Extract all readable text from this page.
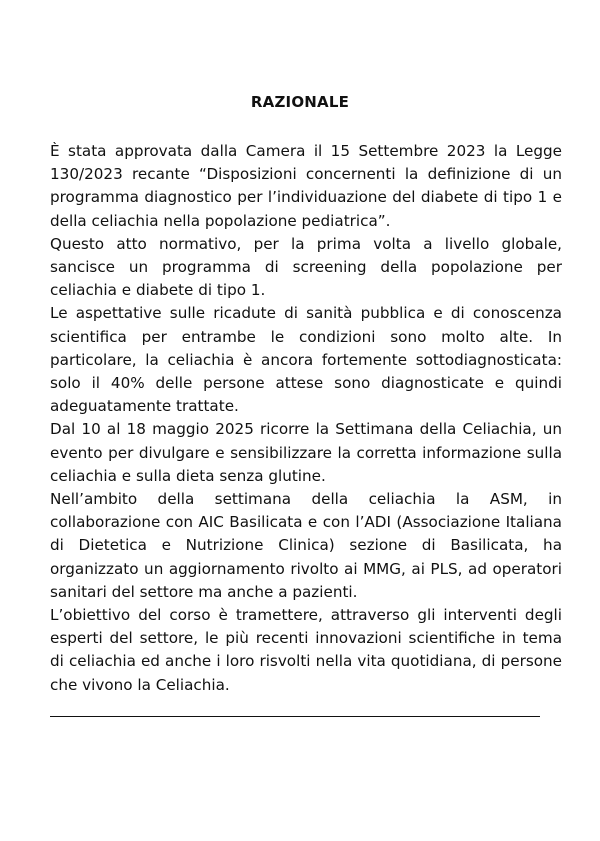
RAZIONALE

È stata approvata dalla Camera il 15 Settembre 2023 la Legge 130/2023 recante “Disposizioni concernenti la definizione di un programma diagnostico per l’individuazione del diabete di tipo 1 e della celiachia nella popolazione pediatrica”.

Questo atto normativo, per la prima volta a livello globale, sancisce un programma di screening della popolazione per celiachia e diabete di tipo 1.

Le aspettative sulle ricadute di sanità pubblica e di conoscenza scientifica per entrambe le condizioni sono molto alte. In particolare, la celiachia è ancora fortemente sottodiagnosticata: solo il 40% delle persone attese sono diagnosticate e quindi adeguatamente trattate.

Dal 10 al 18 maggio 2025 ricorre la Settimana della Celiachia, un evento per divulgare e sensibilizzare la corretta informazione sulla celiachia e sulla dieta senza glutine.

Nell’ambito della settimana della celiachia la ASM, in collaborazione con AIC Basilicata e con l’ADI (Associazione Italiana di Dietetica e Nutrizione Clinica) sezione di Basilicata, ha organizzato un aggiornamento rivolto ai MMG, ai PLS, ad operatori sanitari del settore ma anche a pazienti.

L’obiettivo del corso è tramettere, attraverso gli interventi degli esperti del settore, le più recenti innovazioni scientifiche in tema di celiachia ed anche i loro risvolti nella vita quotidiana, di persone che vivono la Celiachia.
